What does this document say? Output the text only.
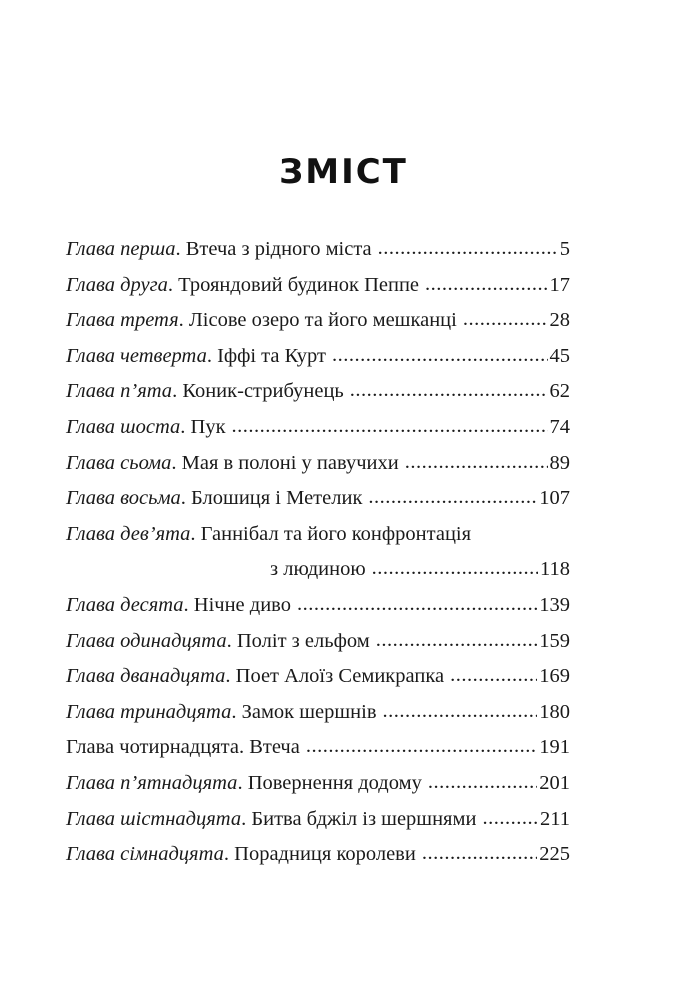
ЗМІСТ
Глава перша . Втеча з рідного міста .....	5
Глава друга . Трояндовий будинок Пеппе .....	17
Глава третя . Лісове озеро та його мешканці .....	28
Глава четверта . Іффі та Курт .....	45
Глава п’ята . Коник-стрибунець .....	62
Глава шоста . Пук .....	74
Глава сьома . Мая в полоні у павучихи .....	89
Глава восьма . Блошиця і Метелик .....	107
Глава дев’ята . Ганнібал та його конфронтація
з людиною .....	118
Глава десята . Нічне диво .....	139
Глава одинадцята . Політ з ельфом .....	159
Глава дванадцята . Поет Алоїз Семикрапка .....	169
Глава тринадцята . Замок шершнів .....	180
Глава чотирнадцята . Втеча .....	191
Глава п’ятнадцята . Повернення додому .....	201
Глава шістнадцята . Битва бджіл із шершнями .....	211
Глава сімнадцята . Порадниця королеви .....	225
